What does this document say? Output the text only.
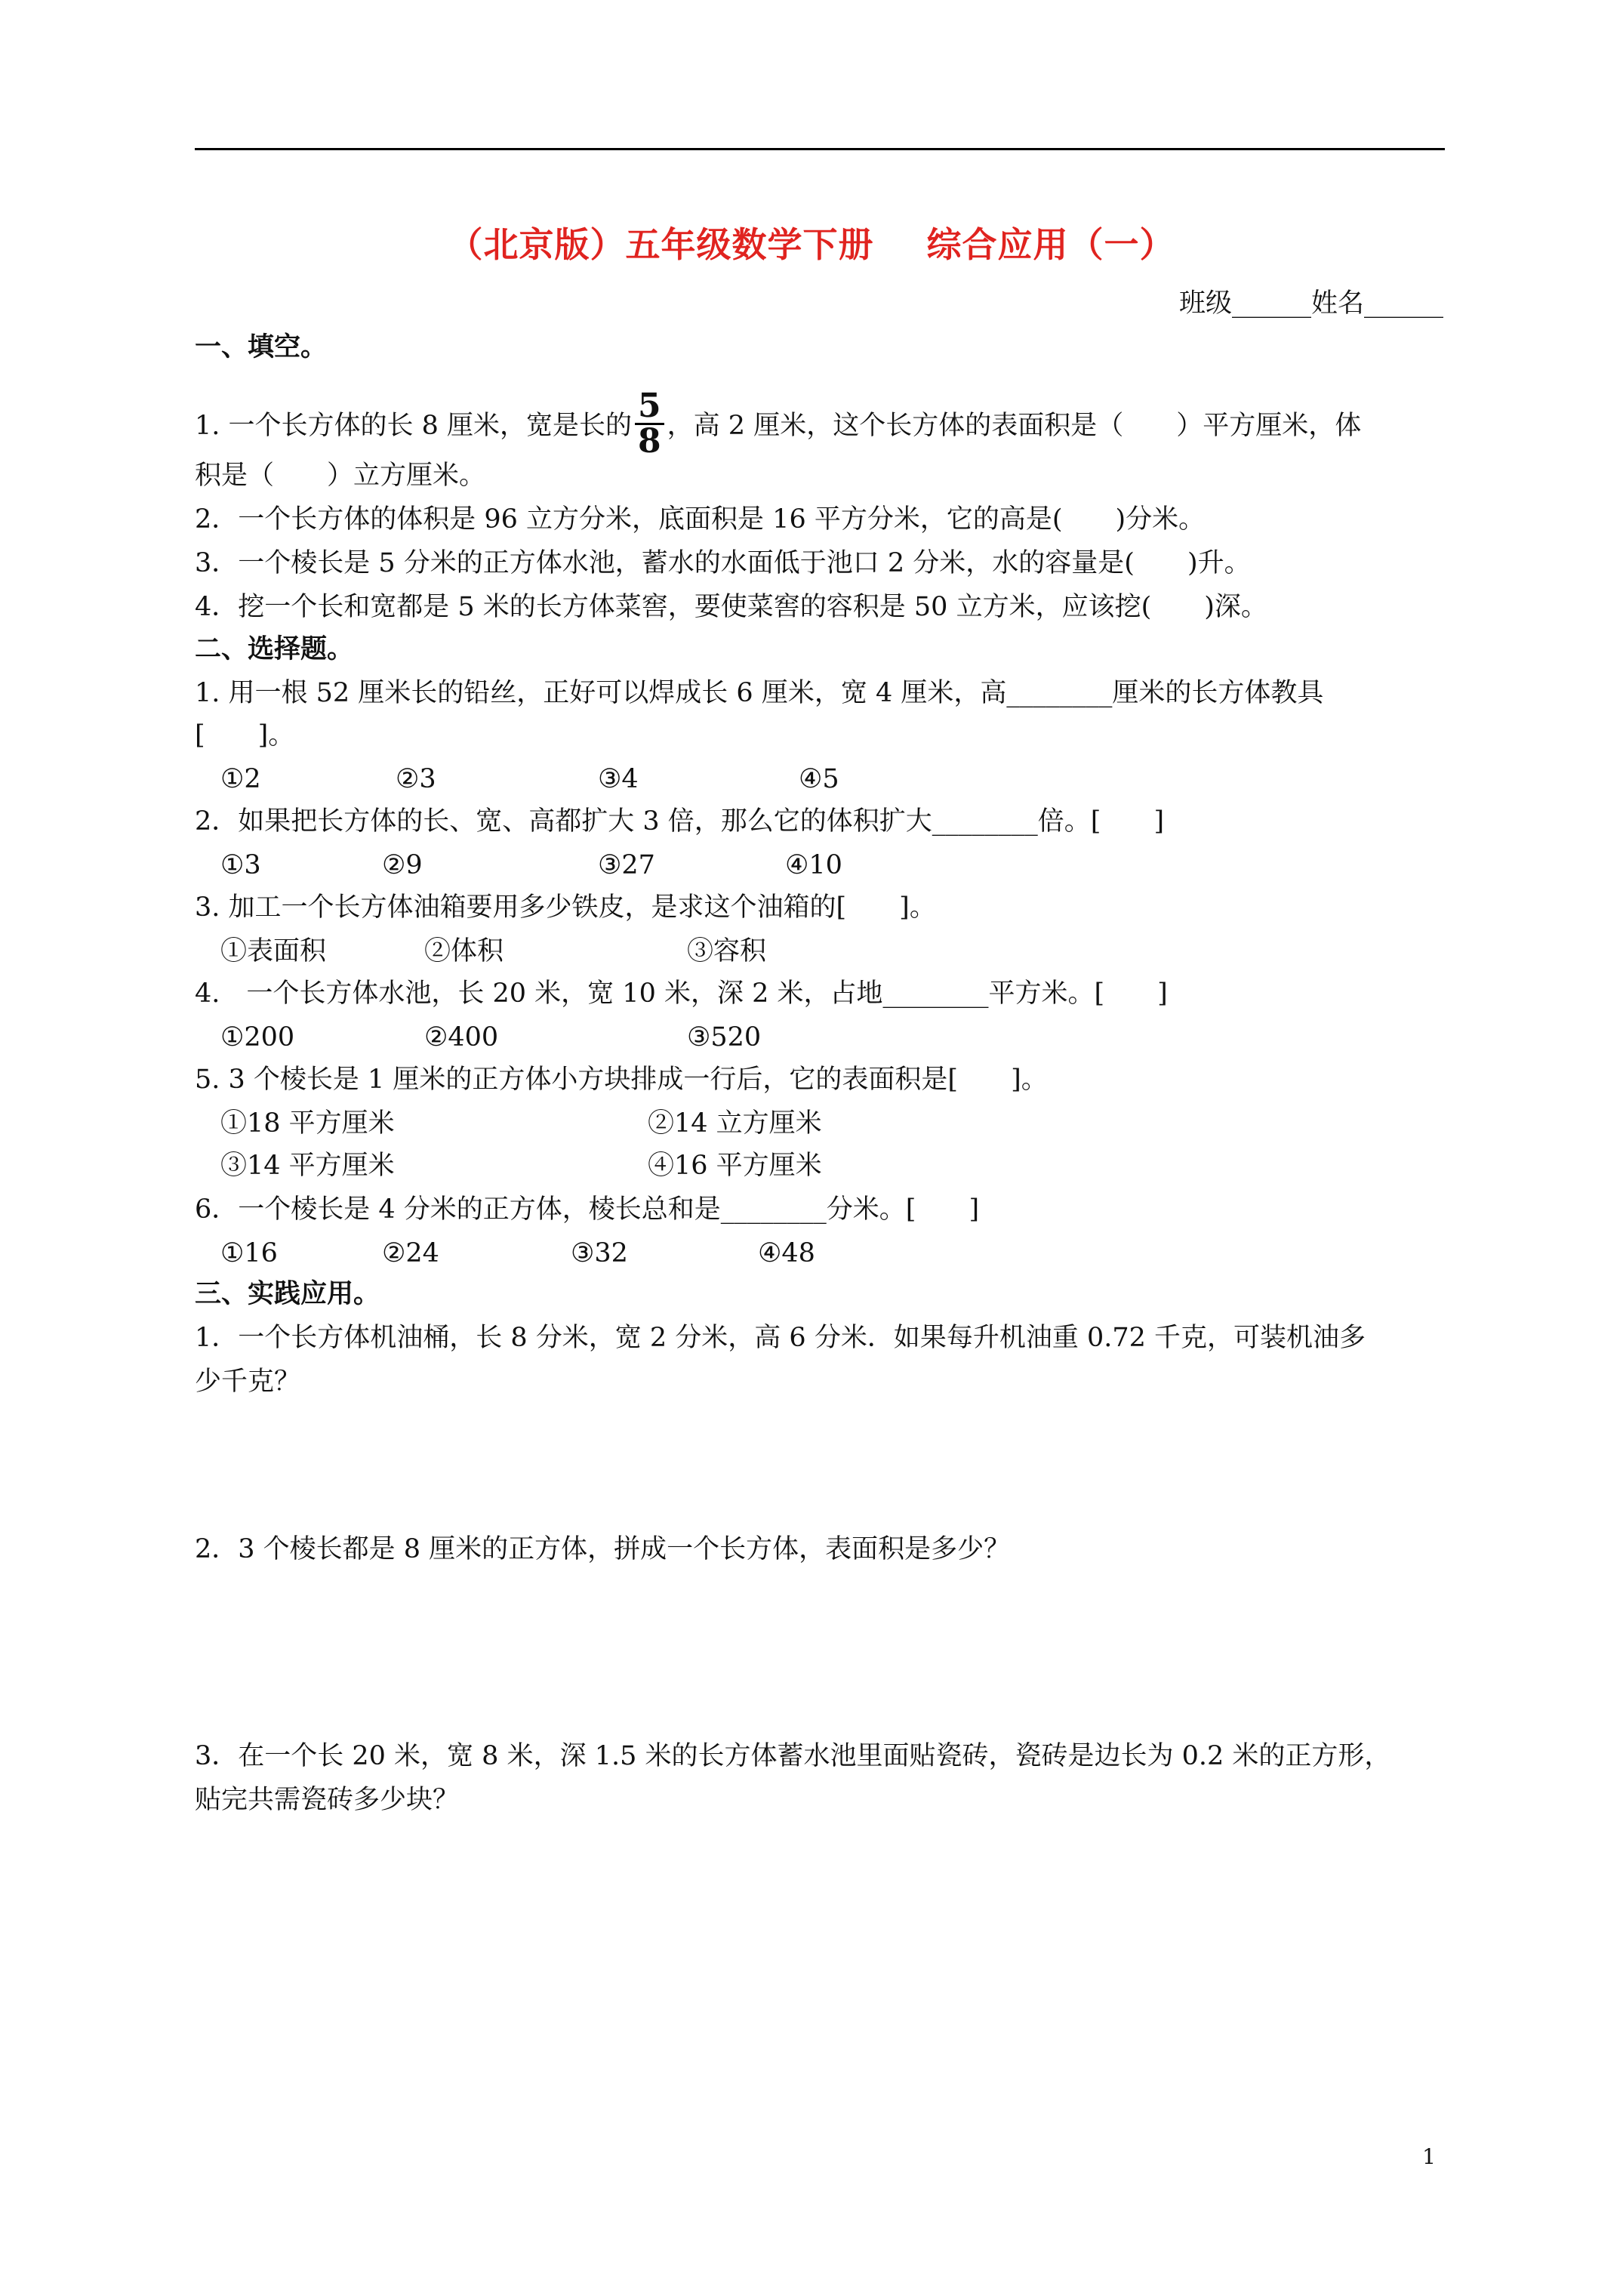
（北京版）五年级数学下册 综合应用（一）
班级______姓名______
一、填空。
1. 一个长方体的长 8 厘米，宽是长的 $\frac{5}{8}$ ，高 2 厘米，这个长方体的表面积是（　　）平方厘米，体
积是（　　）立方厘米。
2．一个长方体的体积是 96 立方分米，底面积是 16 平方分米，它的高是(　　)分米。
3．一个棱长是 5 分米的正方体水池，蓄水的水面低于池口 2 分米，水的容量是(　　)升。
4．挖一个长和宽都是 5 米的长方体菜窖，要使菜窖的容积是 50 立方米，应该挖(　　)深。
二、选择题。
1. 用一根 52 厘米长的铅丝，正好可以焊成长 6 厘米，宽 4 厘米，高________厘米的长方体教具
[　　]。
①2	②3	③4	④5
2．如果把长方体的长、宽、高都扩大 3 倍，那么它的体积扩大________倍。[　　]
①3	②9	③27	④10
3. 加工一个长方体油箱要用多少铁皮，是求这个油箱的[　　]。
①表面积	②体积	③容积
4.　一个长方体水池，长 20 米，宽 10 米，深 2 米，占地________平方米。[　　]
①200	②400	③520
5. 3 个棱长是 1 厘米的正方体小方块排成一行后，它的表面积是[　　]。
①18 平方厘米	②14 立方厘米
③14 平方厘米	④16 平方厘米
6．一个棱长是 4 分米的正方体，棱长总和是________分米。[　　]
①16	②24	③32	④48
三、实践应用。
1．一个长方体机油桶，长 8 分米，宽 2 分米，高 6 分米．如果每升机油重 0.72 千克，可装机油多
少千克？
2．3 个棱长都是 8 厘米的正方体，拼成一个长方体，表面积是多少？
3．在一个长 20 米，宽 8 米，深 1.5 米的长方体蓄水池里面贴瓷砖，瓷砖是边长为 0.2 米的正方形，
贴完共需瓷砖多少块？
1
